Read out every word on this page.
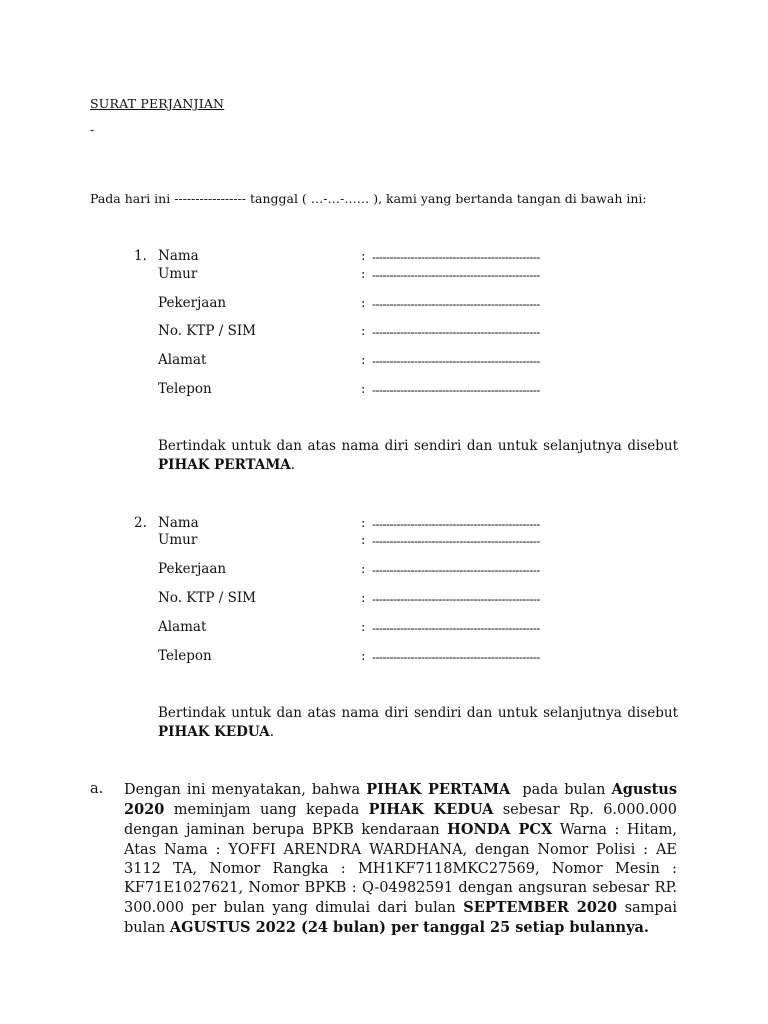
SURAT PERJANJIAN
-
Pada hari ini ----------------- tanggal ( …-…-…… ), kami yang bertanda tangan di bawah ini:
1. Nama
Umur
Pekerjaan
No. KTP / SIM
Alamat
Telepon
:
:
:
:
:
:
------------------------------------------------
------------------------------------------------
------------------------------------------------
------------------------------------------------
------------------------------------------------
------------------------------------------------
Bertindak untuk dan atas nama diri sendiri dan untuk selanjutnya disebut PIHAK PERTAMA.
2. Nama
Umur
Pekerjaan
No. KTP / SIM
Alamat
Telepon
:
:
:
:
:
:
------------------------------------------------
------------------------------------------------
------------------------------------------------
------------------------------------------------
------------------------------------------------
------------------------------------------------
Bertindak untuk dan atas nama diri sendiri dan untuk selanjutnya disebut PIHAK KEDUA.
a. Dengan ini menyatakan, bahwa PIHAK PERTAMA  pada bulan Agustus 2020 meminjam uang kepada PIHAK KEDUA sebesar Rp. 6.000.000 dengan jaminan berupa BPKB kendaraan HONDA PCX Warna : Hitam, Atas Nama : YOFFI ARENDRA WARDHANA, dengan Nomor Polisi : AE 3112 TA, Nomor Rangka : MH1KF7118MKC27569, Nomor Mesin : KF71E1027621, Nomor BPKB : Q-04982591 dengan angsuran sebesar RP. 300.000 per bulan yang dimulai dari bulan SEPTEMBER 2020 sampai bulan AGUSTUS 2022 (24 bulan) per tanggal 25 setiap bulannya.
